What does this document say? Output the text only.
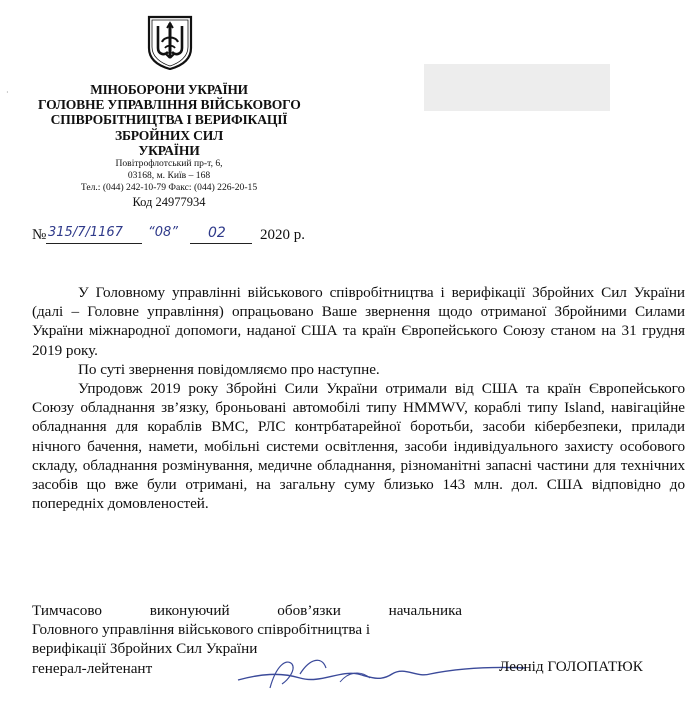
·	МІНОБОРОНИ УКРАЇНИ
ГОЛОВНЕ УПРАВЛІННЯ ВІЙСЬКОВОГО
СПІВРОБІТНИЦТВА І ВЕРИФІКАЦІЇ
ЗБРОЙНИХ СИЛ
УКРАЇНИ
Повітрофлотський пр-т, 6,
03168, м. Київ – 168
Тел.: (044) 242-10-79 Факс: (044) 226-20-15
Код 24977934
№ 315/7/1167 “08” 02 2020 р.

У Головному управлінні військового співробітництва і верифікації Збройних Сил України (далі – Головне управління) опрацьовано Ваше звернення щодо отриманої Збройними Силами України міжнародної допомоги, наданої США та країн Європейського Союзу станом на 31 грудня 2019 року.

По суті звернення повідомляємо про наступне.

Упродовж 2019 року Збройні Сили України отримали від США та країн Європейського Союзу обладнання зв’язку, броньовані автомобілі типу HMMWV, кораблі типу Island, навігаційне обладнання для кораблів ВМС, РЛС контрбатарейної боротьби, засоби кібербезпеки, прилади нічного бачення, намети, мобільні системи освітлення, засоби індивідуального захисту особового складу, обладнання розмінування, медичне обладнання, різноманітні запасні частини для технічних засобів що вже були отримані, на загальну суму близько 143 млн. дол. США відповідно до попередніх домовленостей.

Тимчасово	виконуючий	обов’язки	начальника
Головного управління військового співробітництва і
верифікації Збройних Сил України
генерал-лейтенант	Леонід ГОЛОПАТЮК
